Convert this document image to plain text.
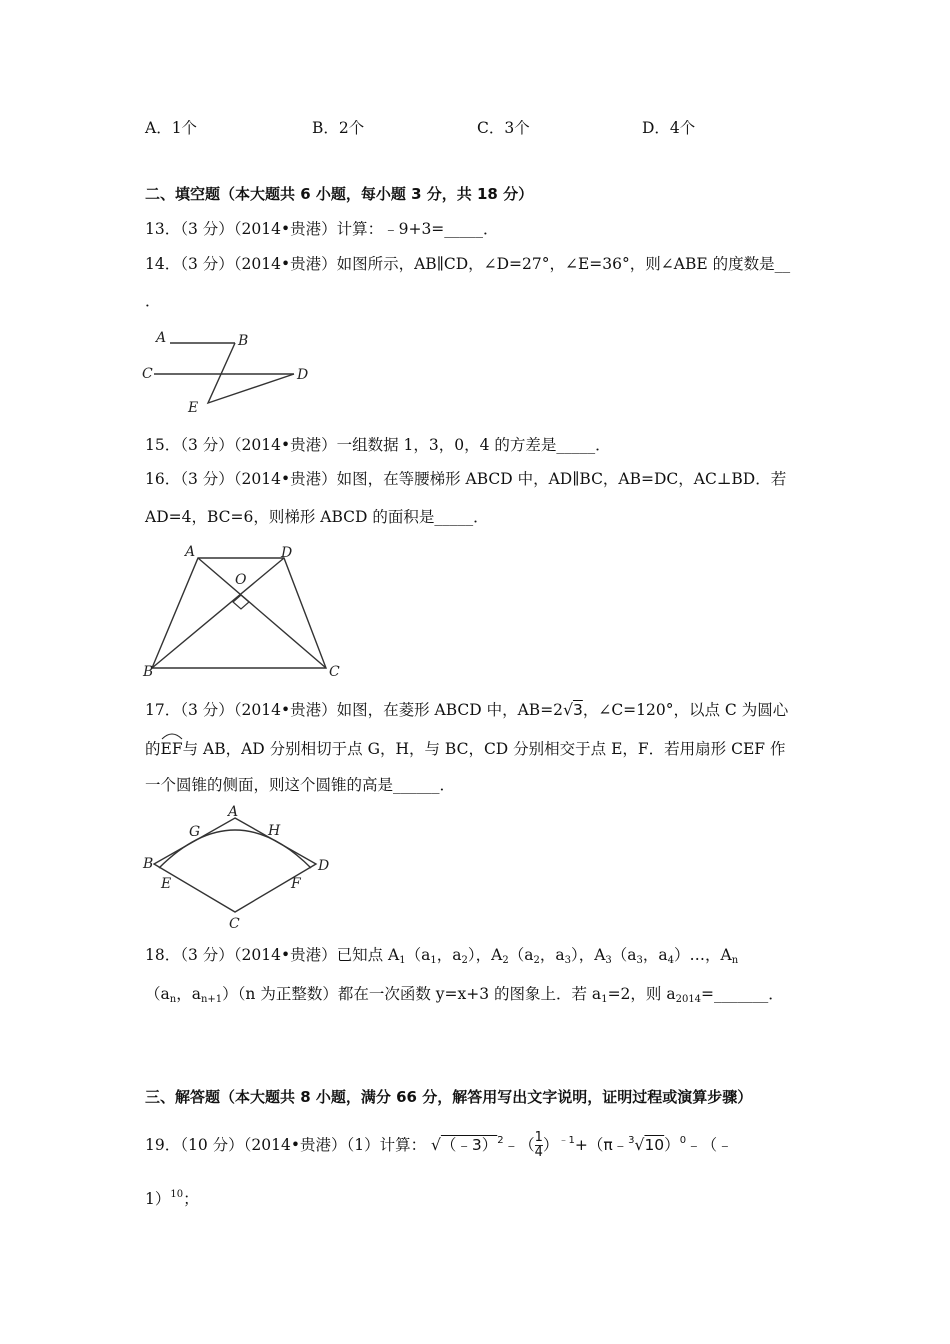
A．1个	B．2个	C．3个	D．4个
二、填空题（本大题共 6 小题，每小题 3 分，共 18 分）
13．（3 分）（2014•贵港）计算：﹣9+3=_____．
14．（3 分）（2014•贵港）如图所示，AB∥CD，∠D=27°，∠E=36°，则∠ABE 的度数是__
．
A	B
C	D
E
15．（3 分）（2014•贵港）一组数据 1，3，0，4 的方差是_____．
16．（3 分）（2014•贵港）如图，在等腰梯形 ABCD 中，AD∥BC，AB=DC，AC⊥BD．若
AD=4，BC=6，则梯形 ABCD 的面积是_____．
A	D
O
B	C
17．（3 分）（2014•贵港）如图，在菱形 ABCD 中，AB=2√3，∠C=120°，以点 C 为圆心
的
EF与 AB，AD 分别相切于点 G，H，与 BC，CD 分别相交于点 E，F．若用扇形 CEF 作
一个圆锥的侧面，则这个圆锥的高是______．
A
G	H
B	D
E	F
C
18．（3 分）（2014•贵港）已知点 $A_1(a_1$，$a_2$），$A_2(a_2$，$a_3$），$A_3(a_3$，$a_4)\dots$，$A_n$
（$a_n$，$a_{n+1})(n$ 为正整数）都在一次函数 y=x+3 的图象上．若 $a_1=2$，则 $a_{2014}=\_\_\_\_\_\_\_$．
三、解答题（本大题共 8 小题，满分 66 分，解答用写出文字说明，证明过程或演算步骤）
19．（10 分）（2014•贵港）（1）计算： √（﹣3）$^2$﹣（ $\frac{1}{4}$ ）$^{﹣1}$+（π﹣$^3$√10）$^0$﹣（﹣
1）$^{10}$；
